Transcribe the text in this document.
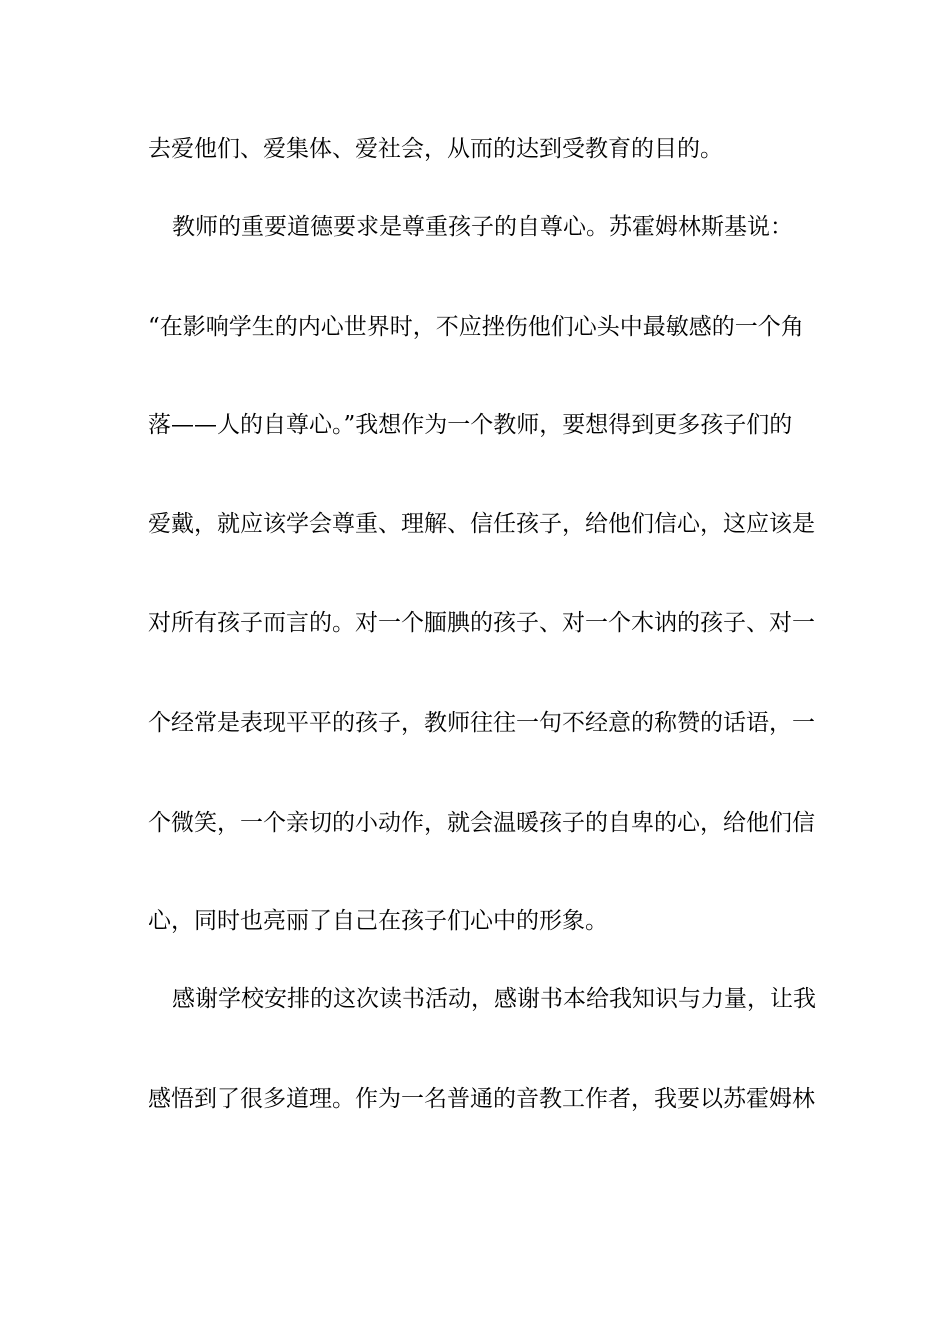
去爱他们、爱集体、爱社会，从而的达到受教育的目的。
教师的重要道德要求是尊重孩子的自尊心。苏霍姆林斯基说：
“在影响学生的内心世界时，不应挫伤他们心头中最敏感的一个角
落——人的自尊心。”我想作为一个教师，要想得到更多孩子们的
爱戴，就应该学会尊重、理解、信任孩子，给他们信心，这应该是
对所有孩子而言的。对一个腼腆的孩子、对一个木讷的孩子、对一
个经常是表现平平的孩子，教师往往一句不经意的称赞的话语，一
个微笑，一个亲切的小动作，就会温暖孩子的自卑的心，给他们信
心，同时也亮丽了自己在孩子们心中的形象。
感谢学校安排的这次读书活动，感谢书本给我知识与力量，让我
感悟到了很多道理。作为一名普通的音教工作者，我要以苏霍姆林
